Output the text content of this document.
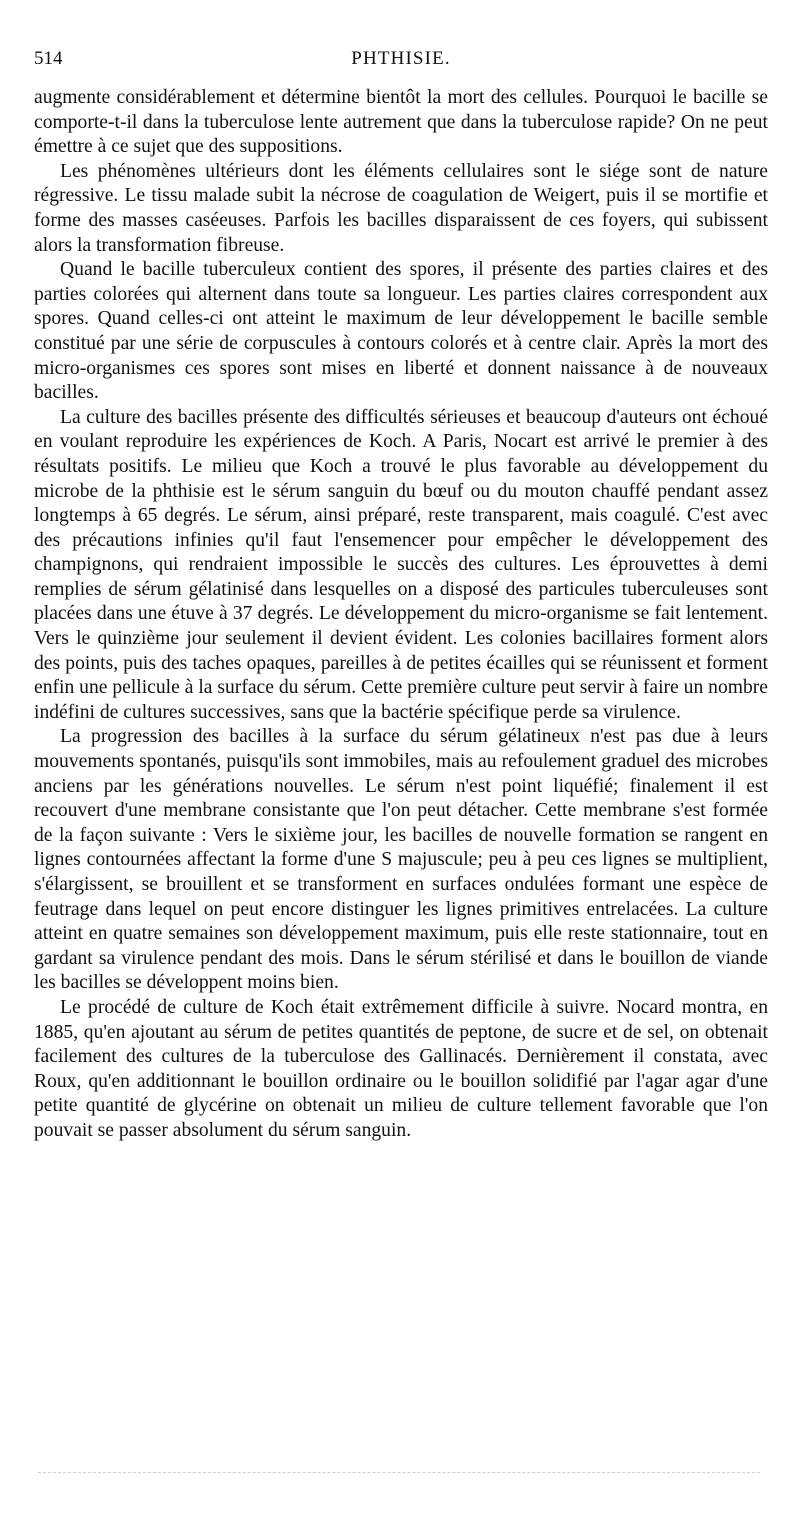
514	PHTHISIE.

augmente considérablement et détermine bientôt la mort des cellules. Pourquoi le bacille se comporte-t-il dans la tuberculose lente autrement que dans la tuberculose rapide? On ne peut émettre à ce sujet que des suppositions.

Les phénomènes ultérieurs dont les éléments cellulaires sont le siége sont de nature régressive. Le tissu malade subit la nécrose de coagulation de Weigert, puis il se mortifie et forme des masses caséeuses. Parfois les bacilles disparaissent de ces foyers, qui subissent alors la transformation fibreuse.

Quand le bacille tuberculeux contient des spores, il présente des parties claires et des parties colorées qui alternent dans toute sa longueur. Les parties claires correspondent aux spores. Quand celles-ci ont atteint le maximum de leur développement le bacille semble constitué par une série de corpuscules à contours colorés et à centre clair. Après la mort des micro-organismes ces spores sont mises en liberté et donnent naissance à de nouveaux bacilles.

La culture des bacilles présente des difficultés sérieuses et beaucoup d'auteurs ont échoué en voulant reproduire les expériences de Koch. A Paris, Nocart est arrivé le premier à des résultats positifs. Le milieu que Koch a trouvé le plus favorable au développement du microbe de la phthisie est le sérum sanguin du bœuf ou du mouton chauffé pendant assez longtemps à 65 degrés. Le sérum, ainsi préparé, reste transparent, mais coagulé. C'est avec des précautions infinies qu'il faut l'ensemencer pour empêcher le développement des champignons, qui rendraient impossible le succès des cultures. Les éprouvettes à demi remplies de sérum gélatinisé dans lesquelles on a disposé des particules tuberculeuses sont placées dans une étuve à 37 degrés. Le développement du micro-organisme se fait lentement. Vers le quinzième jour seulement il devient évident. Les colonies bacillaires forment alors des points, puis des taches opaques, pareilles à de petites écailles qui se réunissent et forment enfin une pellicule à la surface du sérum. Cette première culture peut servir à faire un nombre indéfini de cultures successives, sans que la bactérie spécifique perde sa virulence.

La progression des bacilles à la surface du sérum gélatineux n'est pas due à leurs mouvements spontanés, puisqu'ils sont immobiles, mais au refoulement graduel des microbes anciens par les générations nouvelles. Le sérum n'est point liquéfié; finalement il est recouvert d'une membrane consistante que l'on peut détacher. Cette membrane s'est formée de la façon suivante : Vers le sixième jour, les bacilles de nouvelle formation se rangent en lignes contournées affectant la forme d'une S majuscule; peu à peu ces lignes se multiplient, s'élargissent, se brouillent et se transforment en surfaces ondulées formant une espèce de feutrage dans lequel on peut encore distinguer les lignes primitives entrelacées. La culture atteint en quatre semaines son développement maximum, puis elle reste stationnaire, tout en gardant sa virulence pendant des mois. Dans le sérum stérilisé et dans le bouillon de viande les bacilles se développent moins bien.

Le procédé de culture de Koch était extrêmement difficile à suivre. Nocard montra, en 1885, qu'en ajoutant au sérum de petites quantités de peptone, de sucre et de sel, on obtenait facilement des cultures de la tuberculose des Gallinacés. Dernièrement il constata, avec Roux, qu'en additionnant le bouillon ordinaire ou le bouillon solidifié par l'agar agar d'une petite quantité de glycérine on obtenait un milieu de culture tellement favorable que l'on pouvait se passer absolument du sérum sanguin.
